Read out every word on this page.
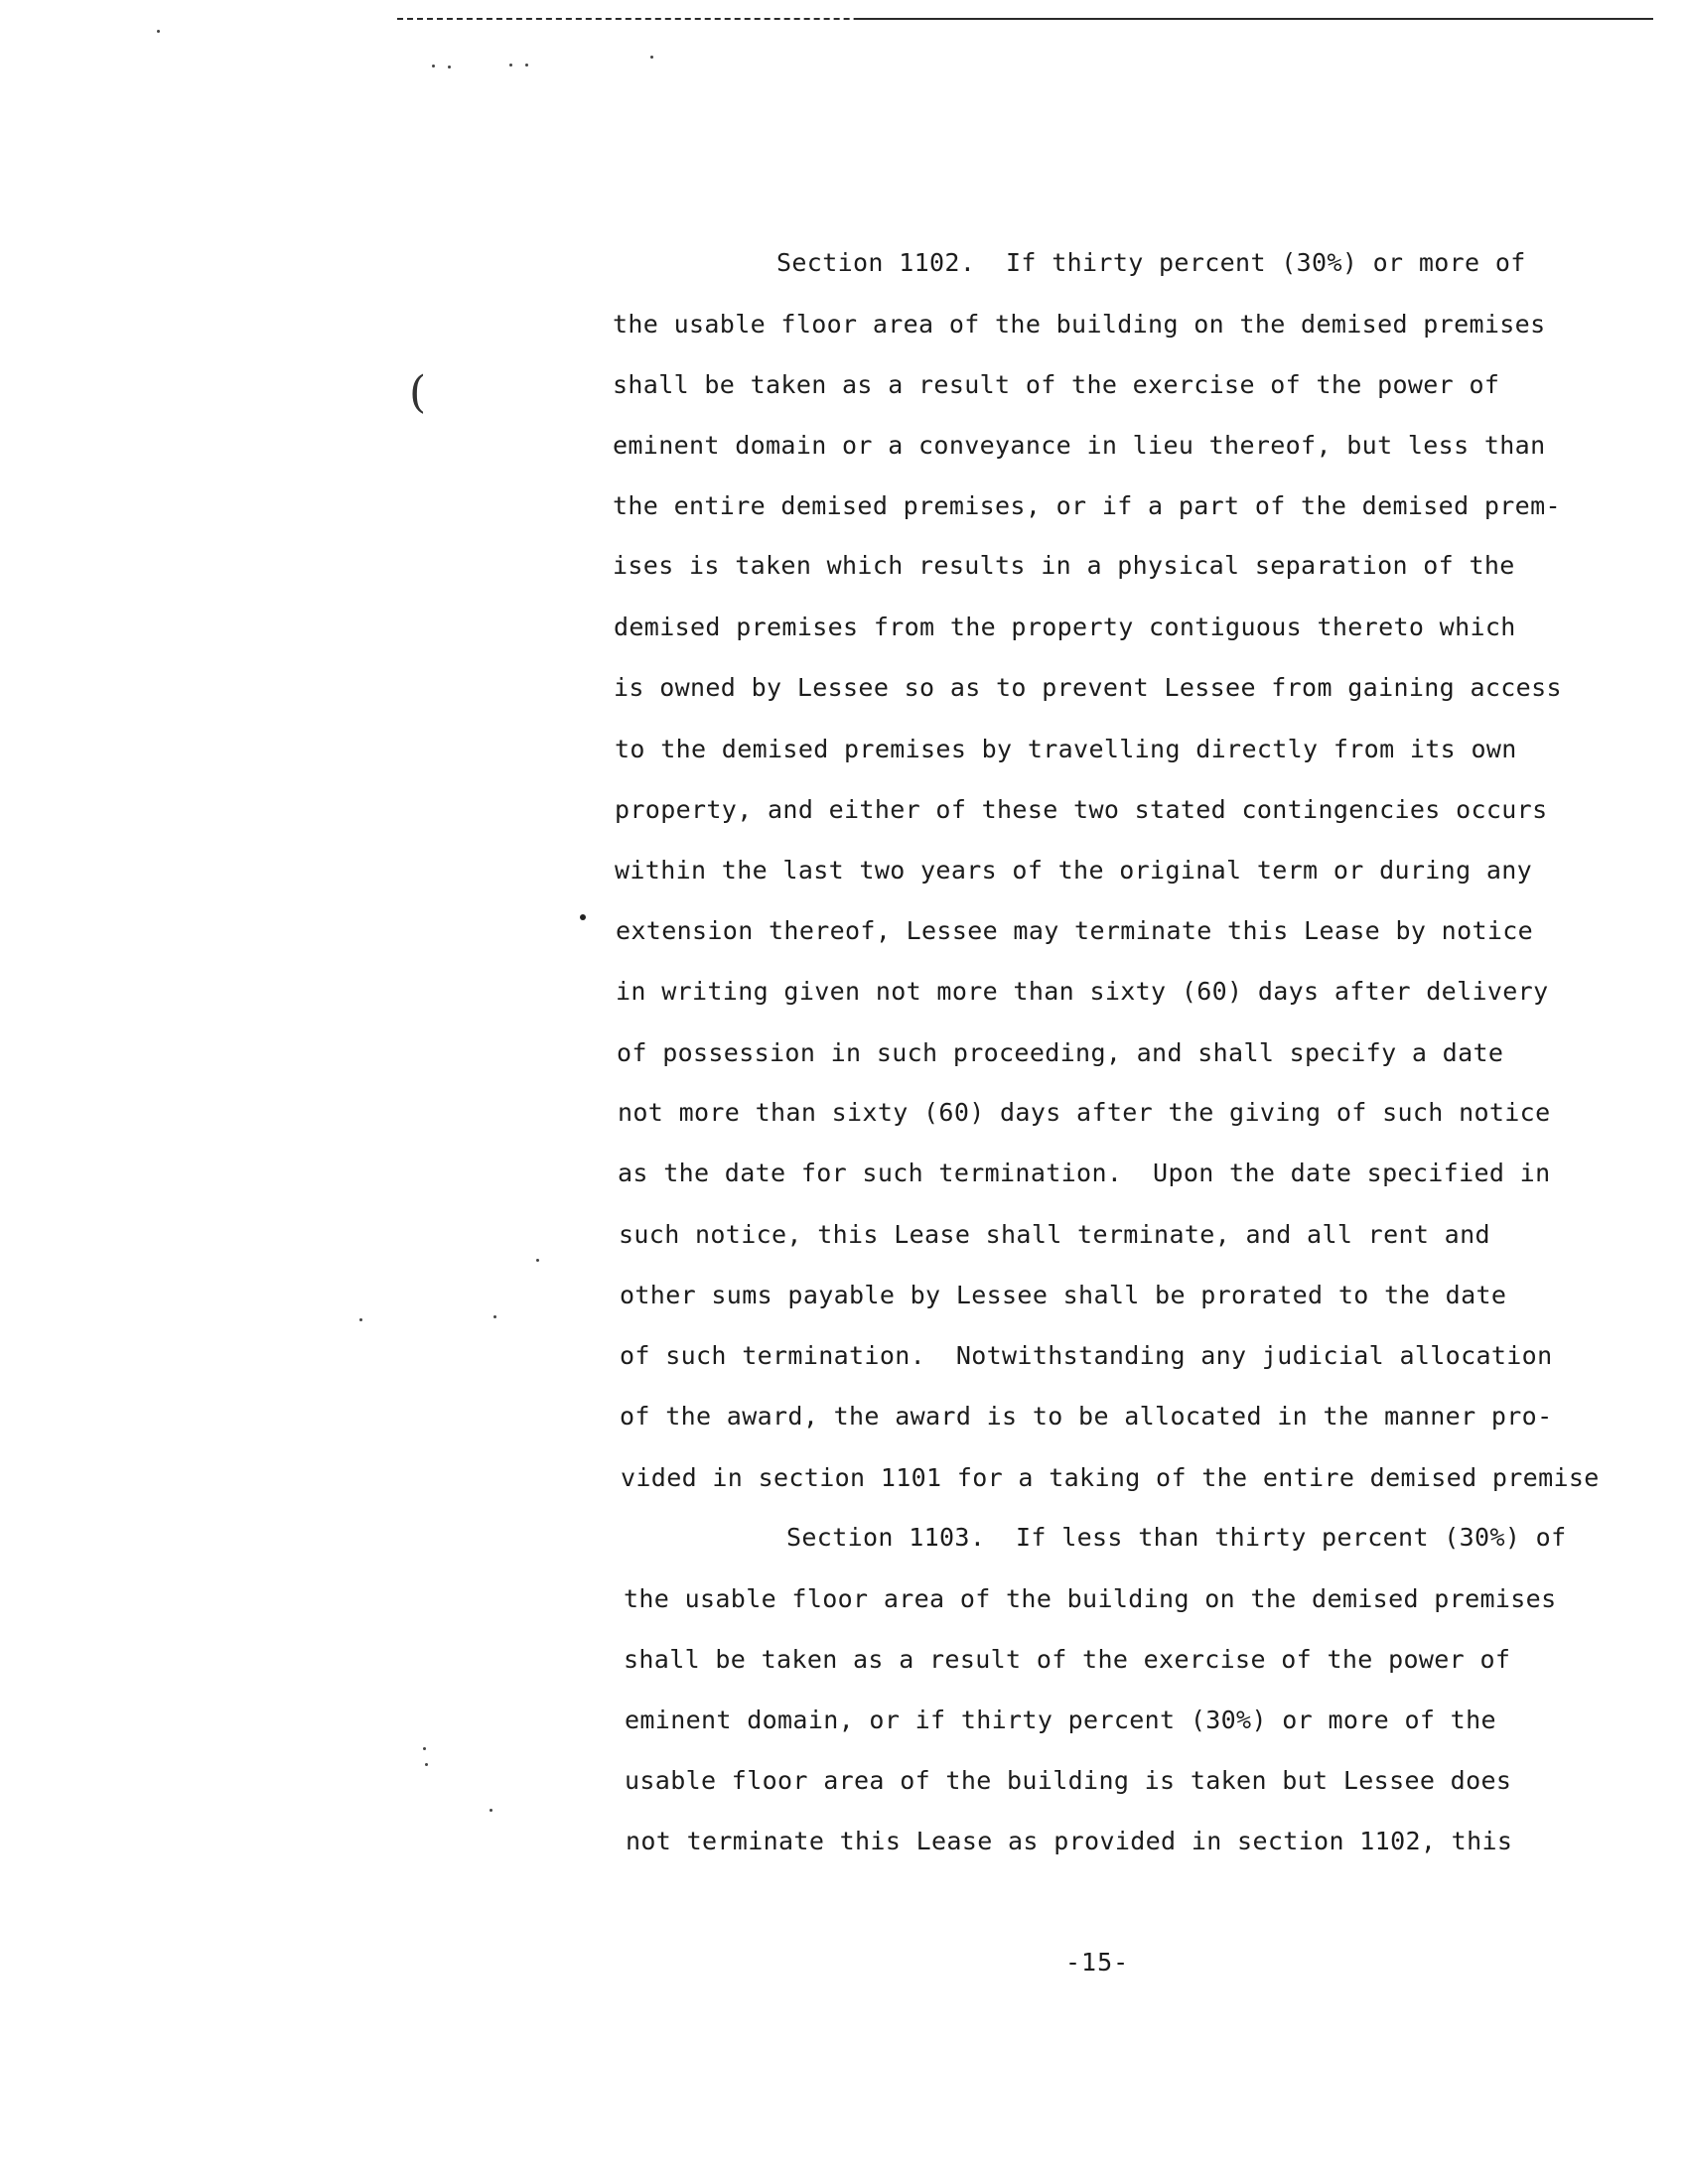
(
Section 1102.  If thirty percent (30%) or more of
the usable floor area of the building on the demised premises
shall be taken as a result of the exercise of the power of
eminent domain or a conveyance in lieu thereof, but less than
the entire demised premises, or if a part of the demised prem-
ises is taken which results in a physical separation of the
demised premises from the property contiguous thereto which
is owned by Lessee so as to prevent Lessee from gaining access
to the demised premises by travelling directly from its own
property, and either of these two stated contingencies occurs
within the last two years of the original term or during any
extension thereof, Lessee may terminate this Lease by notice
in writing given not more than sixty (60) days after delivery
of possession in such proceeding, and shall specify a date
not more than sixty (60) days after the giving of such notice
as the date for such termination.  Upon the date specified in
such notice, this Lease shall terminate, and all rent and
other sums payable by Lessee shall be prorated to the date
of such termination.  Notwithstanding any judicial allocation
of the award, the award is to be allocated in the manner pro-
vided in section 1101 for a taking of the entire demised premise
Section 1103.  If less than thirty percent (30%) of
the usable floor area of the building on the demised premises
shall be taken as a result of the exercise of the power of
eminent domain, or if thirty percent (30%) or more of the
usable floor area of the building is taken but Lessee does
not terminate this Lease as provided in section 1102, this
-15-
